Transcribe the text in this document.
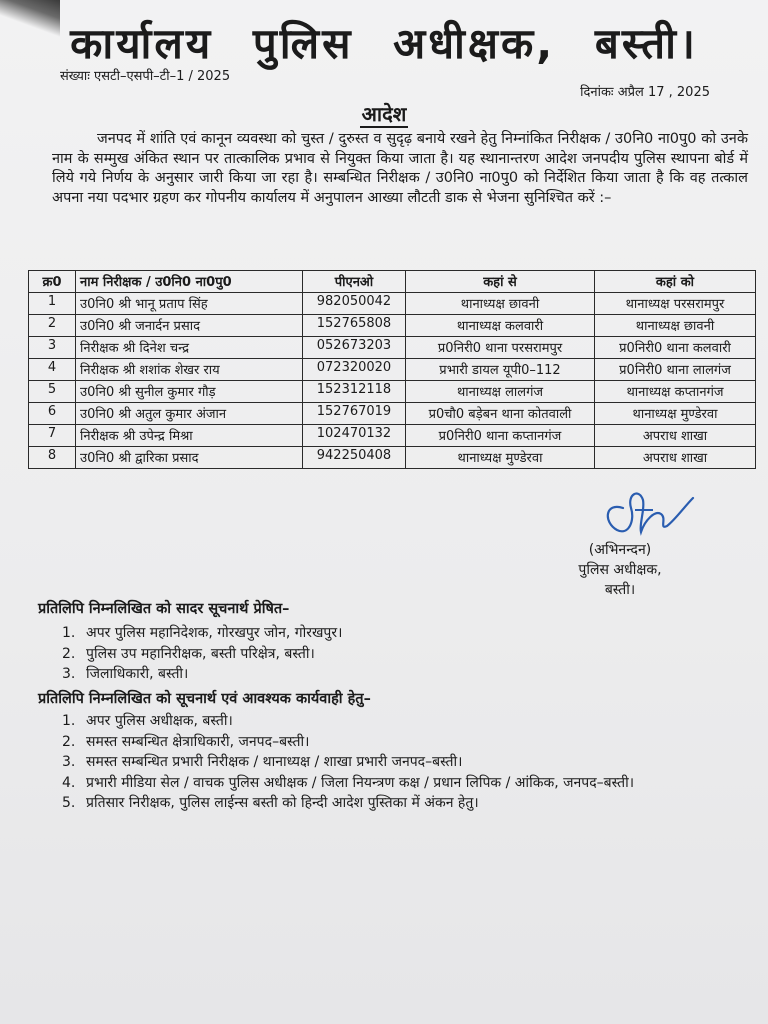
कार्यालय पुलिस अधीक्षक, बस्ती।
संख्याः एसटी–एसपी–टी–1 / 2025
दिनांकः अप्रैल 17 , 2025
आदेश
जनपद में शांति एवं कानून व्यवस्था को चुस्त / दुरुस्त व सुदृढ़ बनाये रखने हेतु निम्नांकित निरीक्षक / उ0नि0 ना0पु0 को उनके नाम के सम्मुख अंकित स्थान पर तात्कालिक प्रभाव से नियुक्त किया जाता है। यह स्थानान्तरण आदेश जनपदीय पुलिस स्थापना बोर्ड में लिये गये निर्णय के अनुसार जारी किया जा रहा है। सम्बन्धित निरीक्षक / उ0नि0 ना0पु0 को निर्देशित किया जाता है कि वह तत्काल अपना नया पदभार ग्रहण कर गोपनीय कार्यालय में अनुपालन आख्या लौटती डाक से भेजना सुनिश्चित करें :–
क्र0	नाम निरीक्षक / उ0नि0 ना0पु0	पीएनओ	कहां से	कहां को
1	उ0नि0 श्री भानू प्रताप सिंह	982050042	थानाध्यक्ष छावनी	थानाध्यक्ष परसरामपुर
2	उ0नि0 श्री जनार्दन प्रसाद	152765808	थानाध्यक्ष कलवारी	थानाध्यक्ष छावनी
3	निरीक्षक श्री दिनेश चन्द्र	052673203	प्र0निरी0 थाना परसरामपुर	प्र0निरी0 थाना कलवारी
4	निरीक्षक श्री शशांक शेखर राय	072320020	प्रभारी डायल यूपी0–112	प्र0निरी0 थाना लालगंज
5	उ0नि0 श्री सुनील कुमार गौड़	152312118	थानाध्यक्ष लालगंज	थानाध्यक्ष कप्तानगंज
6	उ0नि0 श्री अतुल कुमार अंजान	152767019	प्र0चौ0 बड़ेबन थाना कोतवाली	थानाध्यक्ष मुण्डेरवा
7	निरीक्षक श्री उपेन्द्र मिश्रा	102470132	प्र0निरी0 थाना कप्तानगंज	अपराध शाखा
8	उ0नि0 श्री द्वारिका प्रसाद	942250408	थानाध्यक्ष मुण्डेरवा	अपराध शाखा
(अभिनन्दन)
पुलिस अधीक्षक,
बस्ती।
प्रतिलिपि निम्नलिखित को सादर सूचनार्थ प्रेषित–
1. अपर पुलिस महानिदेशक, गोरखपुर जोन, गोरखपुर।
2. पुलिस उप महानिरीक्षक, बस्ती परिक्षेत्र, बस्ती।
3. जिलाधिकारी, बस्ती।
प्रतिलिपि निम्नलिखित को सूचनार्थ एवं आवश्यक कार्यवाही हेतु–
1. अपर पुलिस अधीक्षक, बस्ती।
2. समस्त सम्बन्धित क्षेत्राधिकारी, जनपद–बस्ती।
3. समस्त सम्बन्धित प्रभारी निरीक्षक / थानाध्यक्ष / शाखा प्रभारी जनपद–बस्ती।
4. प्रभारी मीडिया सेल / वाचक पुलिस अधीक्षक / जिला नियन्त्रण कक्ष / प्रधान लिपिक / आंकिक, जनपद–बस्ती।
5. प्रतिसार निरीक्षक, पुलिस लाईन्स बस्ती को हिन्दी आदेश पुस्तिका में अंकन हेतु।
